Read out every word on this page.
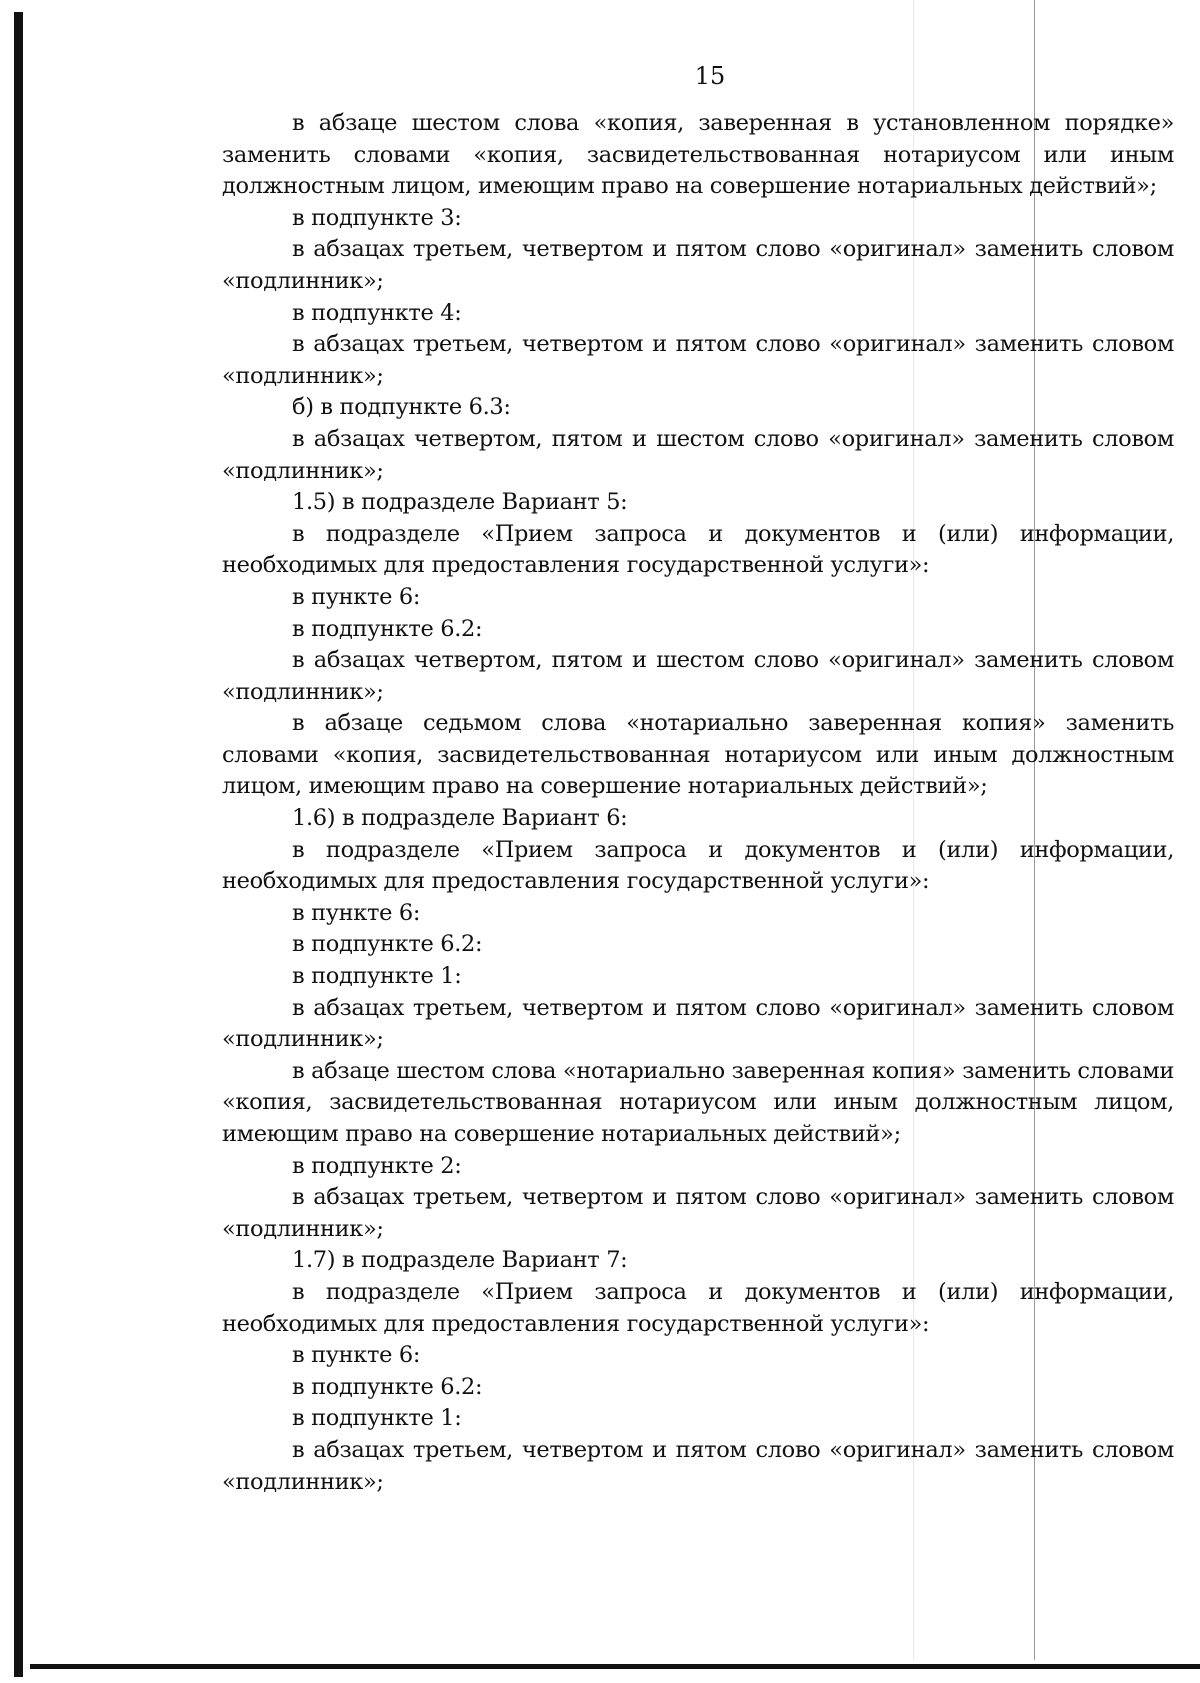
15

в абзаце шестом слова «копия, заверенная в установленном порядке» заменить словами «копия, засвидетельствованная нотариусом или иным должностным лицом, имеющим право на совершение нотариальных действий»;

в подпункте 3:

в абзацах третьем, четвертом и пятом слово «оригинал» заменить словом «подлинник»;

в подпункте 4:

в абзацах третьем, четвертом и пятом слово «оригинал» заменить словом «подлинник»;

б) в подпункте 6.3:

в абзацах четвертом, пятом и шестом слово «оригинал» заменить словом «подлинник»;

1.5) в подразделе Вариант 5:

в подразделе «Прием запроса и документов и (или) информации, необходимых для предоставления государственной услуги»:

в пункте 6:

в подпункте 6.2:

в абзацах четвертом, пятом и шестом слово «оригинал» заменить словом «подлинник»;

в абзаце седьмом слова «нотариально заверенная копия» заменить словами «копия, засвидетельствованная нотариусом или иным должностным лицом, имеющим право на совершение нотариальных действий»;

1.6) в подразделе Вариант 6:

в подразделе «Прием запроса и документов и (или) информации, необходимых для предоставления государственной услуги»:

в пункте 6:

в подпункте 6.2:

в подпункте 1:

в абзацах третьем, четвертом и пятом слово «оригинал» заменить словом «подлинник»;

в абзаце шестом слова «нотариально заверенная копия» заменить словами «копия, засвидетельствованная нотариусом или иным должностным лицом, имеющим право на совершение нотариальных действий»;

в подпункте 2:

в абзацах третьем, четвертом и пятом слово «оригинал» заменить словом «подлинник»;

1.7) в подразделе Вариант 7:

в подразделе «Прием запроса и документов и (или) информации, необходимых для предоставления государственной услуги»:

в пункте 6:

в подпункте 6.2:

в подпункте 1:

в абзацах третьем, четвертом и пятом слово «оригинал» заменить словом «подлинник»;
